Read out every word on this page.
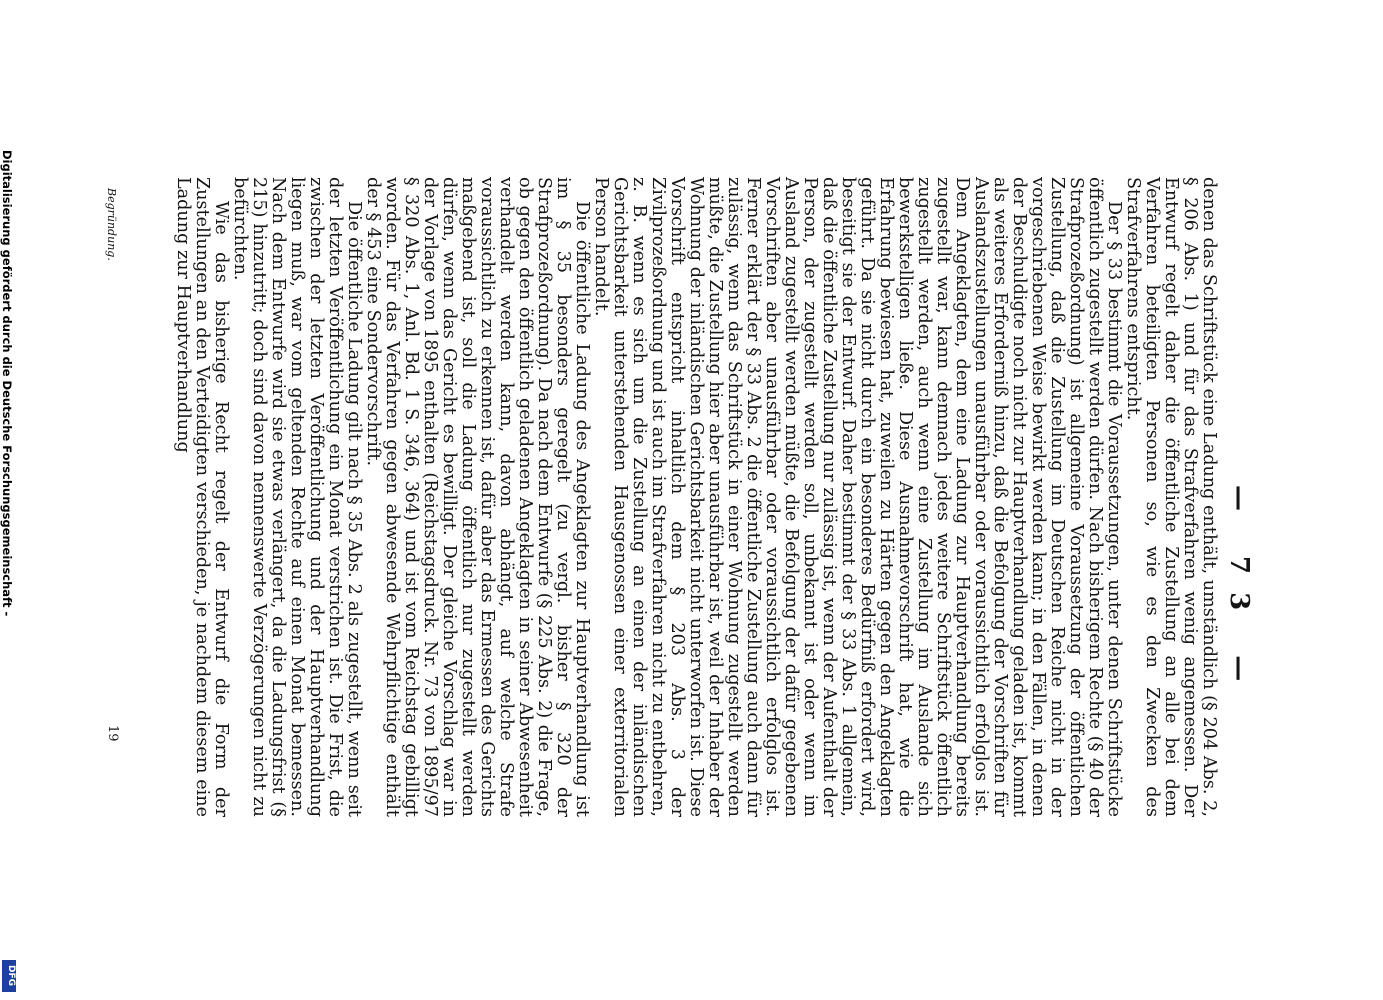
— 73 —

denen das Schriftstück eine Ladung enthält, umständlich (§ 204 Abs. 2, § 206 Abs. 1) und für das Strafverfahren wenig angemessen. Der Entwurf regelt daher die öffentliche Zustellung an alle bei dem Verfahren beteiligten Personen so, wie es den Zwecken des Strafverfahrens entspricht.

Der § 33 bestimmt die Voraussetzungen, unter denen Schriftstücke öffentlich zugestellt werden dürfen. Nach bisherigem Rechte (§ 40 der Strafprozeßordnung) ist allgemeine Voraussetzung der öffentlichen Zustellung, daß die Zustellung im Deutschen Reiche nicht in der vorgeschriebenen Weise bewirkt werden kann; in den Fällen, in denen der Beschuldigte noch nicht zur Hauptverhandlung geladen ist, kommt als weiteres Erforderniß hinzu, daß die Befolgung der Vorschriften für Auslandszustellungen unausführbar oder voraussichtlich erfolglos ist. Dem Angeklagten, dem eine Ladung zur Hauptverhandlung bereits zugestellt war, kann demnach jedes weitere Schriftstück öffentlich zugestellt werden, auch wenn eine Zustellung im Auslande sich bewerkstelligen ließe. Diese Ausnahmevorschrift hat, wie die Erfahrung bewiesen hat, zuweilen zu Härten gegen den Angeklagten geführt. Da sie nicht durch ein besonderes Bedürfniß erfordert wird, beseitigt sie der Entwurf. Daher bestimmt der § 33 Abs. 1 allgemein, daß die öffentliche Zustellung nur zulässig ist, wenn der Aufenthalt der Person, der zugestellt werden soll, unbekannt ist oder wenn im Ausland zugestellt werden müßte, die Befolgung der dafür gegebenen Vorschriften aber unausführbar oder voraussichtlich erfolglos ist. Ferner erklärt der § 33 Abs. 2 die öffentliche Zustellung auch dann für zulässig, wenn das Schriftstück in einer Wohnung zugestellt werden müßte, die Zustellung hier aber unausführbar ist, weil der Inhaber der Wohnung der inländischen Gerichtsbarkeit nicht unterworfen ist. Diese Vorschrift entspricht inhaltlich dem § 203 Abs. 3 der Zivilprozeßordnung und ist auch im Strafverfahren nicht zu entbehren, z. B. wenn es sich um die Zustellung an einen der inländischen Gerichtsbarkeit unterstehenden Hausgenossen einer exterritorialen Person handelt.

Die öffentliche Ladung des Angeklagten zur Hauptverhandlung ist im § 35 besonders geregelt (zu vergl. bisher § 320 der Strafprozeßordnung). Da nach dem Entwurfe (§ 225 Abs. 2) die Frage, ob gegen den öffentlich geladenen Angeklagten in seiner Abwesenheit verhandelt werden kann, davon abhängt, auf welche Strafe voraussichtlich zu erkennen ist, dafür aber das Ermessen des Gerichts maßgebend ist, soll die Ladung öffentlich nur zugestellt werden dürfen, wenn das Gericht es bewilligt. Der gleiche Vorschlag war in der Vorlage von 1895 enthalten (Reichstagsdruck. Nr. 73 von 1895/97 § 320 Abs. 1, Anl. Bd. 1 S. 346, 364) und ist vom Reichstag gebilligt worden. Für das Verfahren gegen abwesende Wehrpflichtige enthält der § 453 eine Sondervorschrift.

Die öffentliche Ladung gilt nach § 35 Abs. 2 als zugestellt, wenn seit der letzten Veröffentlichung ein Monat verstrichen ist. Die Frist, die zwischen der letzten Veröffentlichung und der Hauptverhandlung liegen muß, war vom geltenden Rechte auf einen Monat bemessen. Nach dem Entwurfe wird sie etwas verlängert, da die Ladungsfrist (§ 215) hinzutritt; doch sind davon nennenswerte Verzögerungen nicht zu befürchten.

Wie das bisherige Recht regelt der Entwurf die Form der Zustellungen an den Verteidigten verschieden, je nachdem diesem eine Ladung zur Hauptverhandlung

19
Begründung.
Digitalisierung gefördert durch die Deutsche Forschungsgemeinschaft -
DFG
